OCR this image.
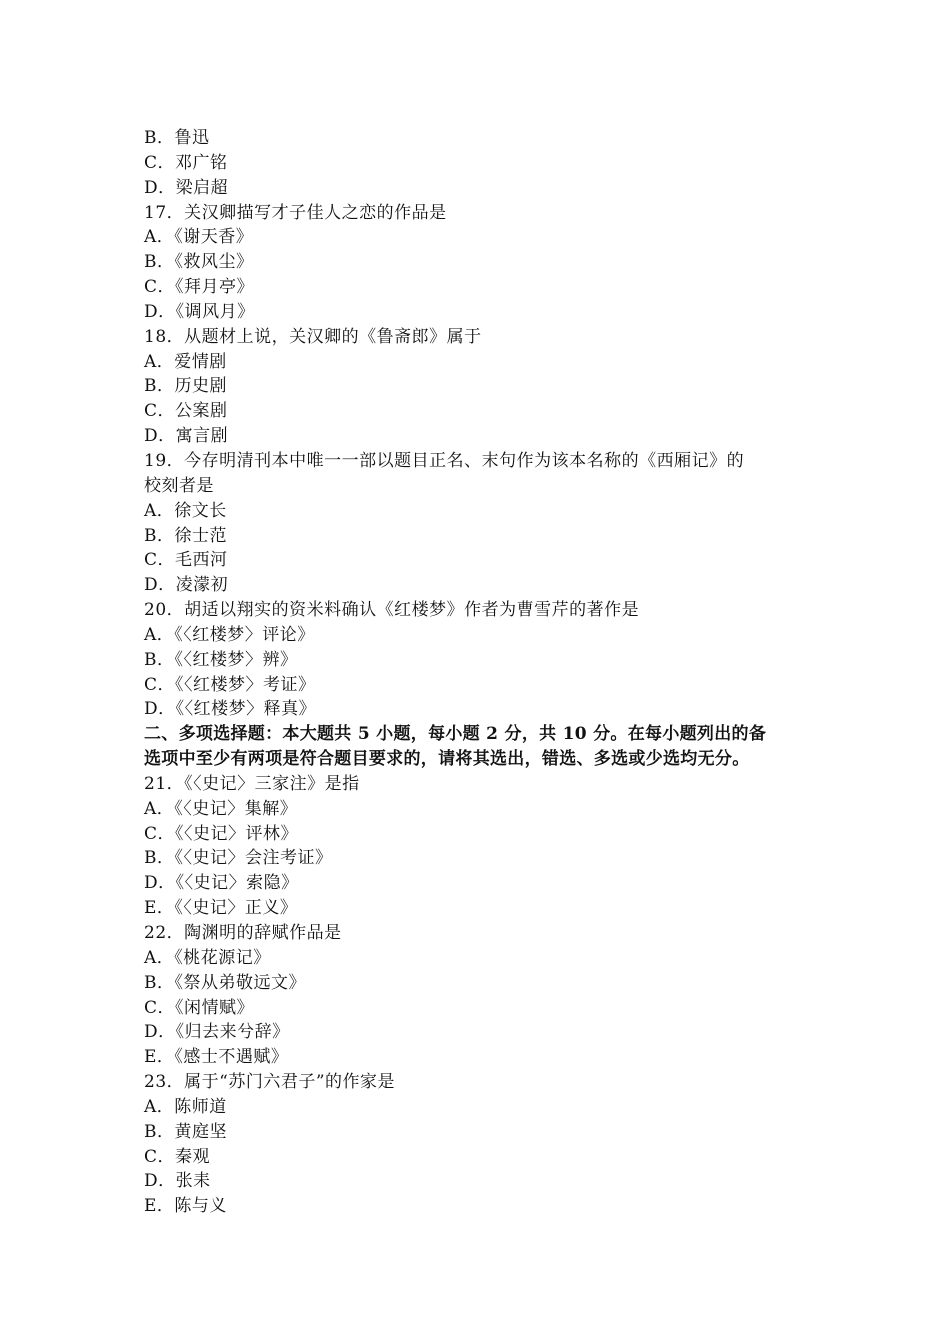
B．鲁迅
C．邓广铭
D．梁启超
17．关汉卿描写才子佳人之恋的作品是
A．《谢天香》
B．《救风尘》
C．《拜月亭》
D．《调风月》
18．从题材上说，关汉卿的《鲁斋郎》属于
A．爱情剧
B．历史剧
C．公案剧
D．寓言剧
19．今存明清刊本中唯一一部以题目正名、末句作为该本名称的《西厢记》的
校刻者是
A．徐文长
B．徐士范
C．毛西河
D．凌濛初
20．胡适以翔实的资米料确认《红楼梦》作者为曹雪芹的著作是
A．《〈红楼梦〉评论》
B．《〈红楼梦〉辨》
C．《〈红楼梦〉考证》
D．《〈红楼梦〉释真》
二、多项选择题：本大题共 5 小题，每小题 2 分，共 10 分。在每小题列出的备
选项中至少有两项是符合题目要求的，请将其选出，错选、多选或少选均无分。
21．《〈史记〉三家注》是指
A．《〈史记〉集解》
C．《〈史记〉评林》
B．《〈史记〉会注考证》
D．《〈史记〉索隐》
E．《〈史记〉正义》
22．陶渊明的辞赋作品是
A．《桃花源记》
B．《祭从弟敬远文》
C．《闲情赋》
D．《归去来兮辞》
E．《感士不遇赋》
23．属于“苏门六君子”的作家是
A．陈师道
B．黄庭坚
C．秦观
D．张耒
E．陈与义
